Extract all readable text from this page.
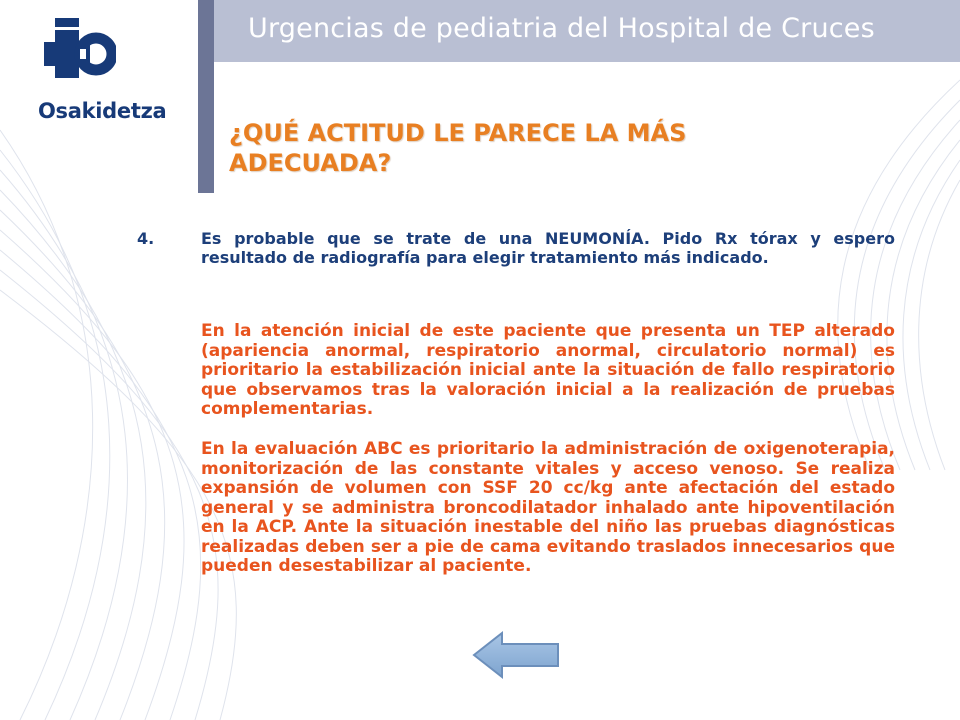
Urgencias de pediatria del Hospital de Cruces
Osakidetza
¿QUÉ ACTITUD LE PARECE LA MÁS ADECUADA?
4.	Es probable que se trate de una NEUMONÍA. Pido Rx tórax y espero resultado de radiografía para elegir tratamiento más indicado.

En la atención inicial de este paciente que presenta un TEP alterado (apariencia anormal, respiratorio anormal, circulatorio normal) es prioritario la estabilización inicial ante la situación de fallo respiratorio que observamos tras la valoración inicial a la realización de pruebas complementarias.

En la evaluación ABC es prioritario la administración de oxigenoterapia, monitorización de las constante vitales y acceso venoso. Se realiza expansión de volumen con SSF 20 cc/kg ante afectación del estado general y se administra broncodilatador inhalado ante hipoventilación en la ACP. Ante la situación inestable del niño las pruebas diagnósticas realizadas deben ser a pie de cama evitando traslados innecesarios que pueden desestabilizar al paciente.
